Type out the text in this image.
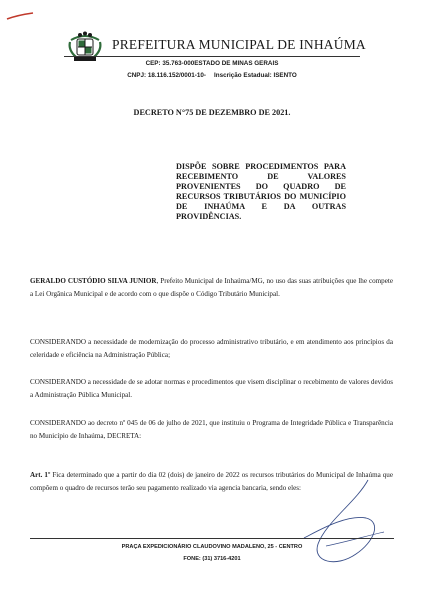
PREFEITURA MUNICIPAL DE INHAÚMA
CEP: 35.763-000ESTADO DE MINAS GERAIS
CNPJ: 18.116.152/0001-10- Inscrição Estadual: ISENTO
DECRETO N°75 DE DEZEMBRO DE 2021.
DISPÕE SOBRE PROCEDIMENTOS PARA
RECEBIMENTO DE VALORES
PROVENIENTES DO QUADRO DE
RECURSOS TRIBUTÁRIOS DO MUNICÍPIO
DE INHAÚMA E DA OUTRAS
PROVIDÊNCIAS.
GERALDO CUSTÓDIO SILVA JUNIOR, Prefeito Municipal de Inhaúma/MG, no uso das suas atribuições que lhe compete a Lei Orgânica Municipal e de acordo com o que dispõe o Código Tributário Municipal.
CONSIDERANDO a necessidade de modernização do processo administrativo tributário, e em atendimento aos princípios da celeridade e eficiência na Administração Pública;
CONSIDERANDO a necessidade de se adotar normas e procedimentos que visem disciplinar o recebimento de valores devidos a Administração Pública Municipal.
CONSIDERANDO ao decreto nº 045 de 06 de julho de 2021, que instituiu o Programa de Integridade Pública e Transparência no Município de Inhaúma, DECRETA:
Art. 1º Fica determinado que a partir do dia 02 (dois) de janeiro de 2022 os recursos tributários do Municipal de Inhaúma que compõem o quadro de recursos terão seu pagamento realizado via agencia bancaria, sendo eles:
PRAÇA EXPEDICIONÁRIO CLAUDOVINO MADALENO, 25 - CENTRO
FONE: (31) 3716-4201
